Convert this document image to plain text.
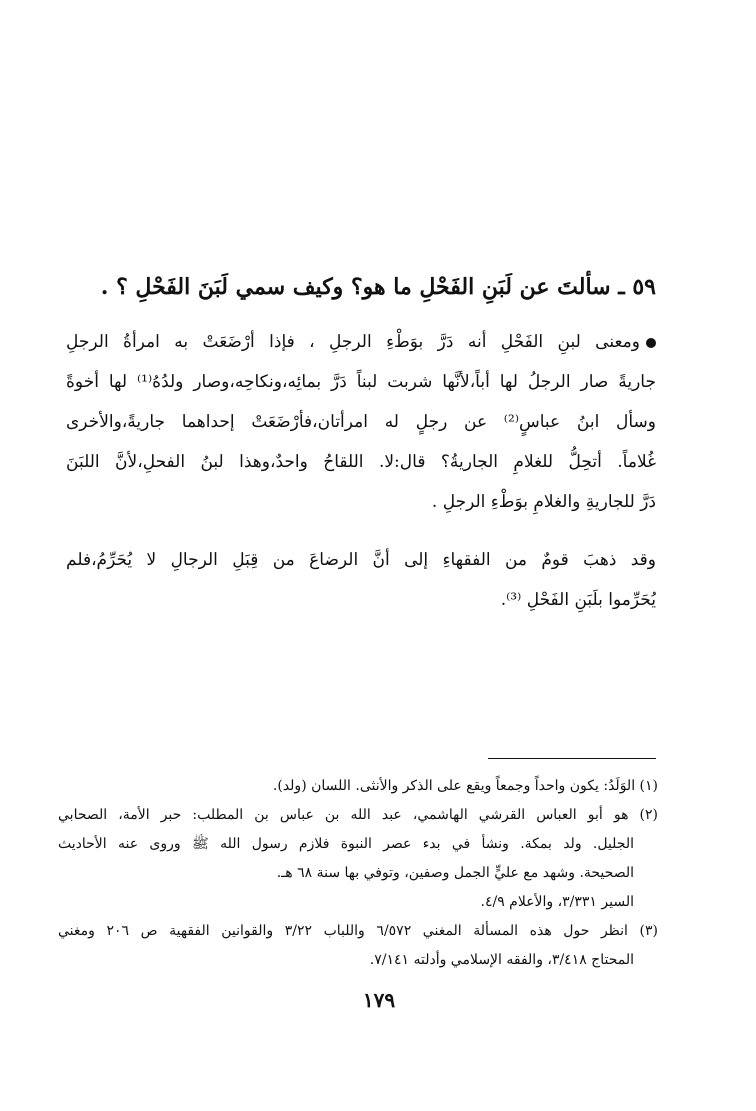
٥٩ ـ سألتَ عن لَبَنِ الفَحْلِ ما هو؟ وكيف سمي لَبَنَ الفَحْلِ ؟ .
ومعنى لبنِ الفَحْلِ أنه دَرَّ بوَطْءِ الرجلِ ، فإذا أرْضَعَتْ به امرأةُ الرجلِ
جاريةً صار الرجلُ لها أباً،لأنَّها شربت لبناً دَرَّ بمائِه،ونكاحِه،وصار ولدُهُ⁽¹⁾ لها أخوةً
وسأل ابنُ عباسٍ⁽²⁾ عن رجلٍ له امرأتان،فأرْضَعَتْ إحداهما جاريةً،والأخرى
غُلاماً. أتحِلُّ للغلامِ الجاريةُ؟ قال:لا. اللقاحُ واحدٌ،وهذا لبنُ الفحلِ،لأنَّ اللبَنَ
دَرَّ للجاريةِ والغلامِ بوَطْءِ الرجلِ .
وقد ذهبَ قومٌ من الفقهاءِ إلى أنَّ الرضاعَ من قِبَلِ الرجالِ لا يُحَرِّمُ،فلم
يُحَرِّموا بلَبَنِ الفَحْلِ ⁽³⁾.
(١) الوَلَدُ: يكون واحداً وجمعاً ويقع على الذكر والأنثى. اللسان (ولد).
(٢) هو أبو العباس القرشي الهاشمي، عبد الله بن عباس بن المطلب: حبر الأمة، الصحابي
الجليل. ولد بمكة. ونشأ في بدء عصر النبوة فلازم رسول الله ﷺ وروى عنه الأحاديث
الصحيحة. وشهد مع عليٍّ الجمل وصفين، وتوفي بها سنة ٦٨ هـ.
السير ٣/٣٣١، والأعلام ٤/٩.
(٣) انظر حول هذه المسألة المغني ٦/٥٧٢ واللباب ٣/٢٢ والقوانين الفقهية ص ٢٠٦ ومغني
المحتاج ٣/٤١٨، والفقه الإسلامي وأدلته ٧/١٤١.
١٧٩
